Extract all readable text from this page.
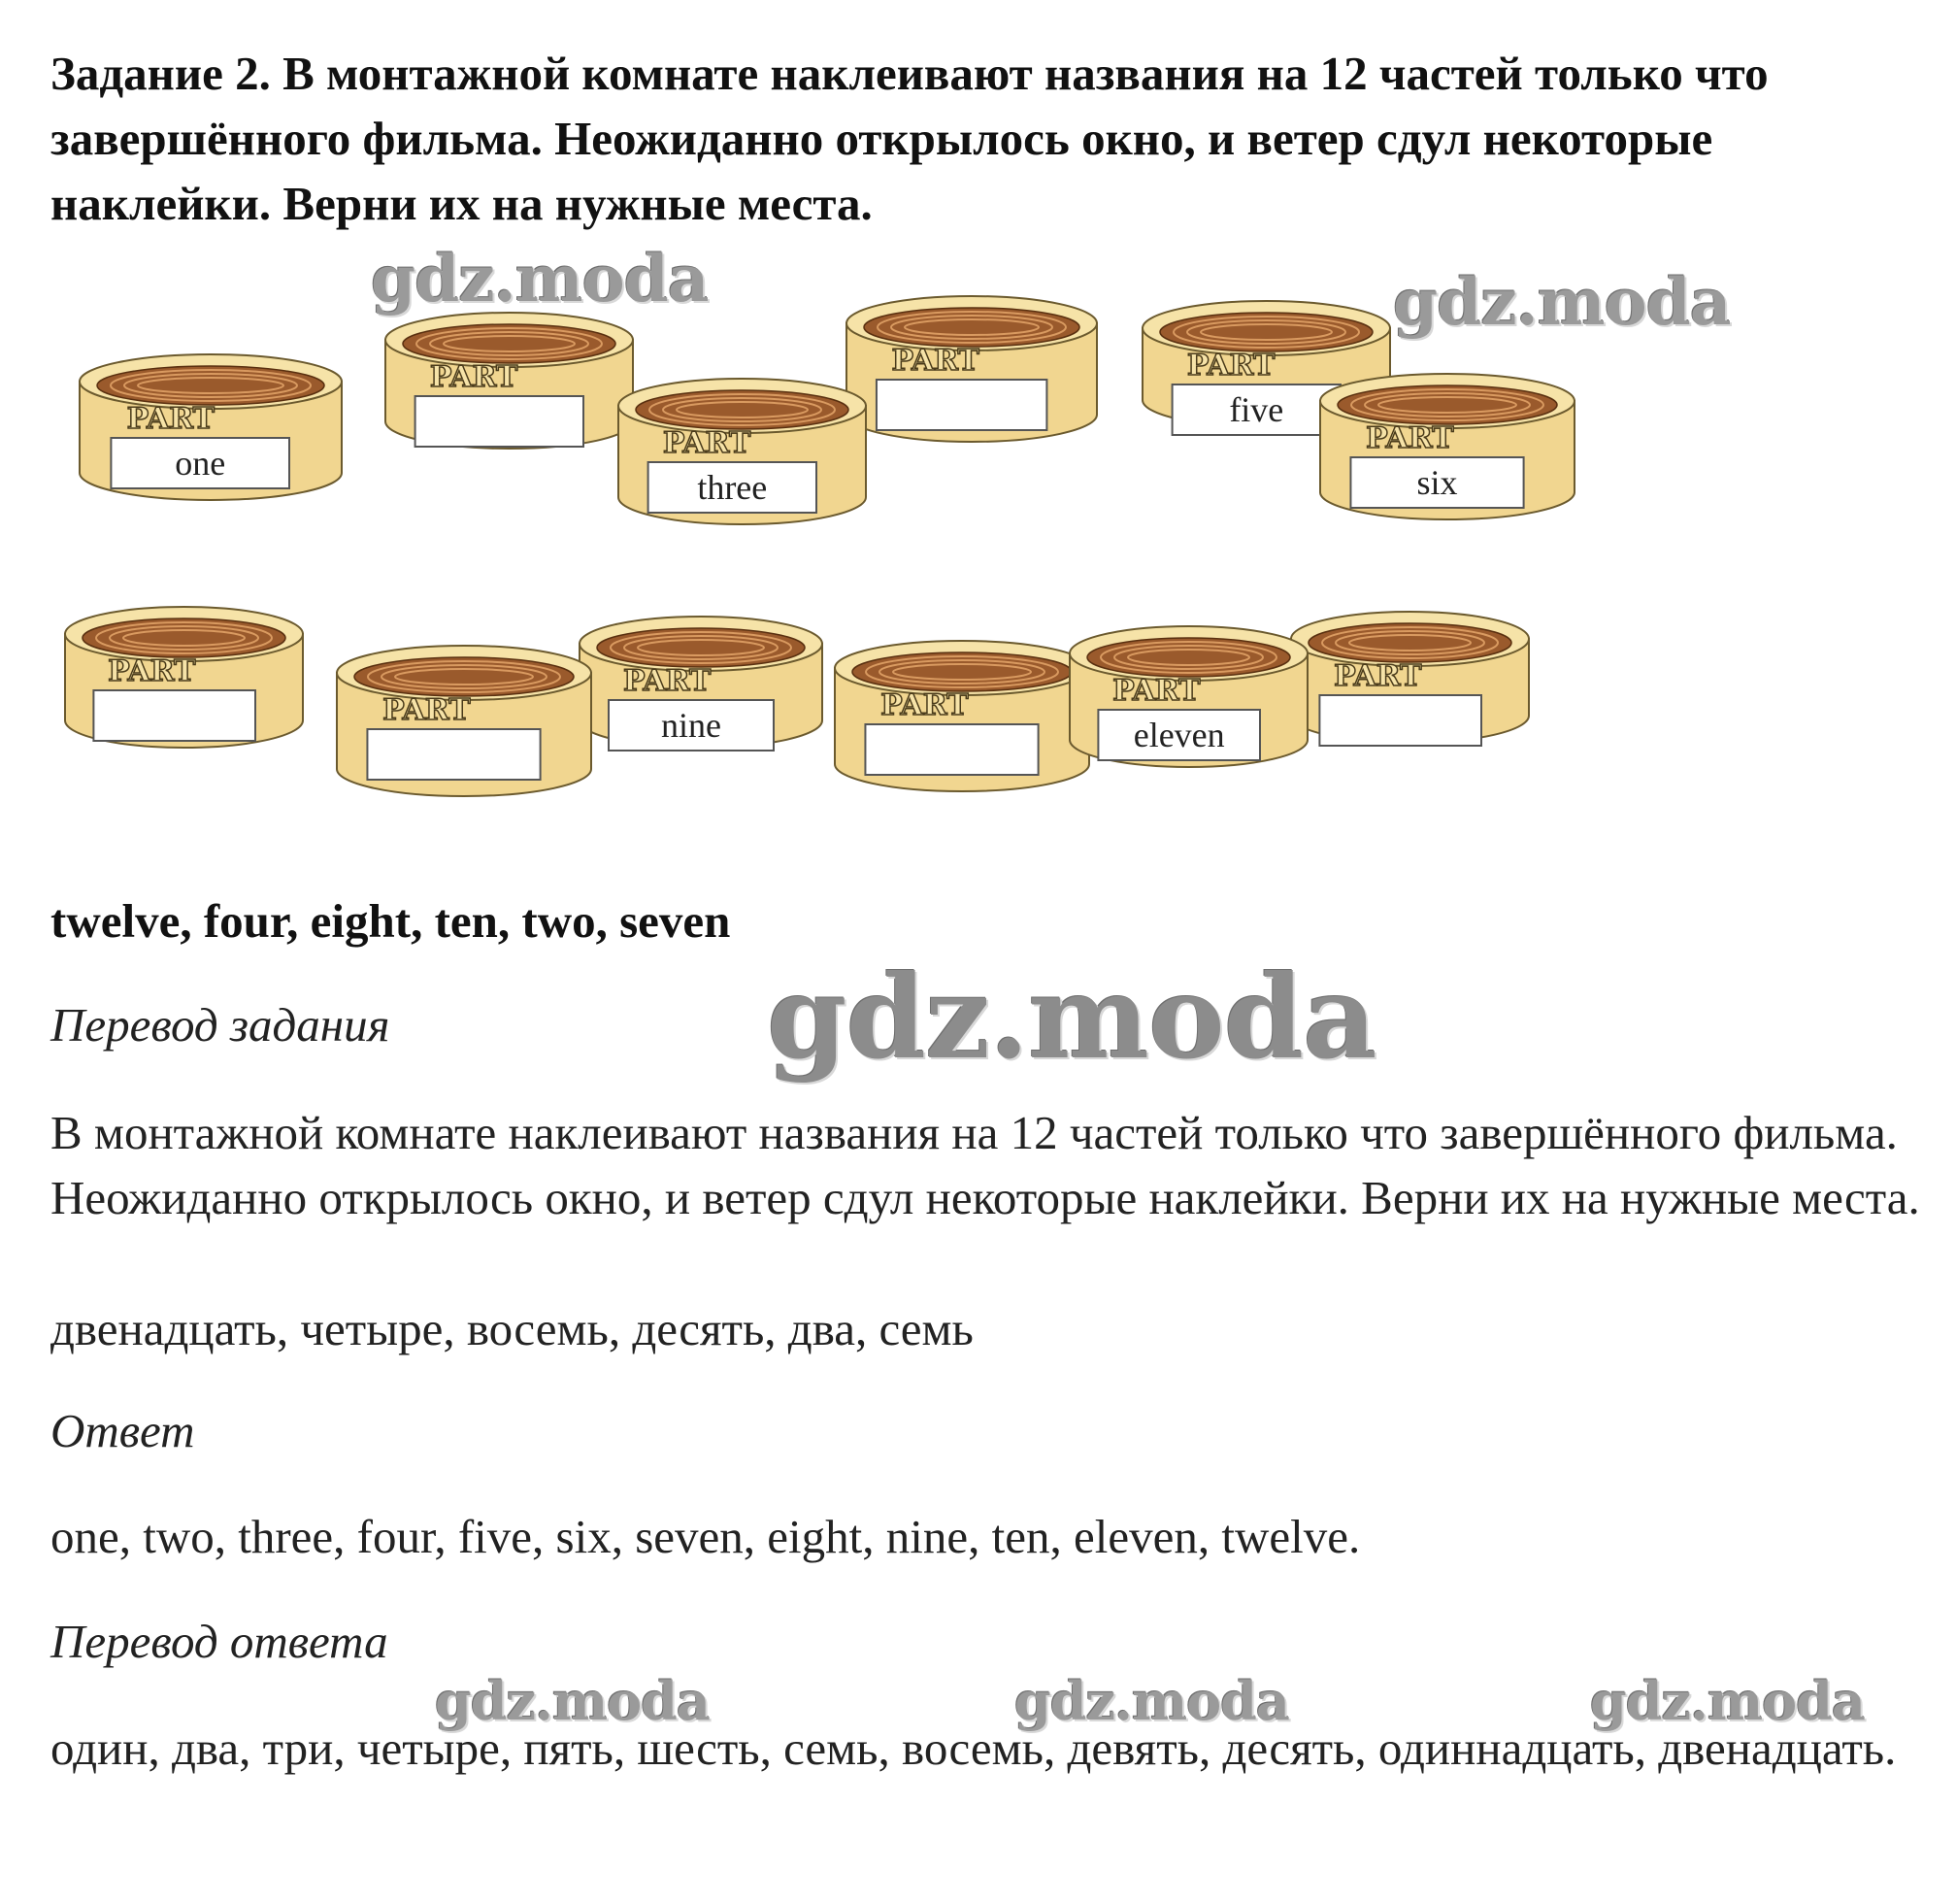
Задание 2. В монтажной комнате наклеивают названия на 12 частей только что завершённого фильма. Неожиданно открылось окно, и ветер сдул некоторые наклейки. Верни их на нужные места.

PART	PART
PART
one
PART
five
PART
three
PART
six
PART	PART
nine
PART
PART
PART	PART
eleven

twelve, four, eight, ten, two, seven

Перевод задания

В монтажной комнате наклеивают названия на 12 частей только что завершённого фильма. Неожиданно открылось окно, и ветер сдул некоторые наклейки. Верни их на нужные места.

двенадцать, четыре, восемь, десять, два, семь

Ответ

one, two, three, four, five, six, seven, eight, nine, ten, eleven, twelve.

Перевод ответа

один, два, три, четыре, пять, шесть, семь, восемь, девять, десять, одиннадцать, двенадцать.

gdz.moda	gdz.moda
gdz.moda
gdz.moda	gdz.moda	gdz.moda
